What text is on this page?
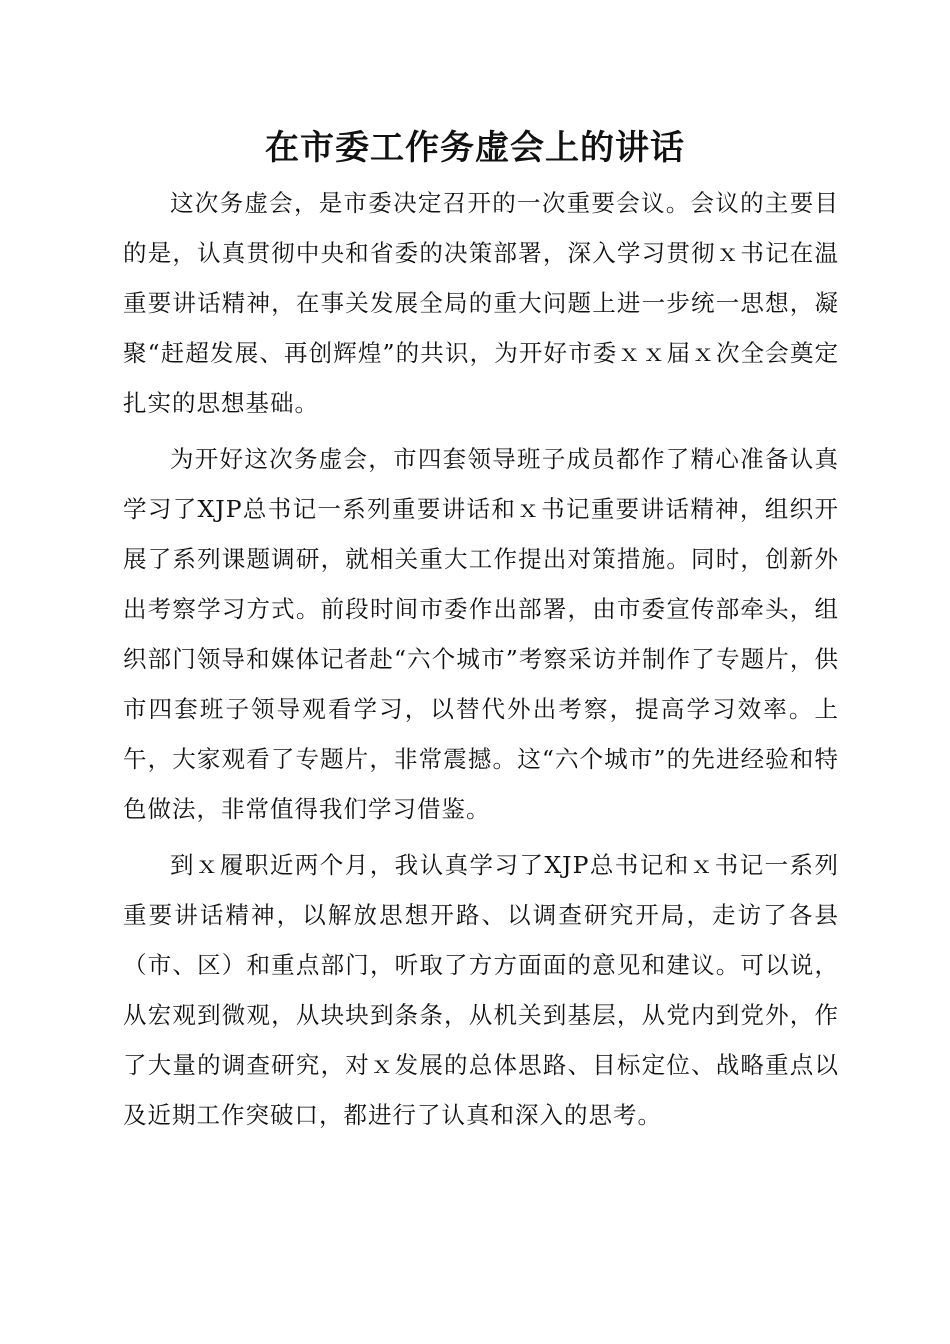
在市委工作务虚会上的讲话

这次务虚会，是市委决定召开的一次重要会议。会议的主要目的是，认真贯彻中央和省委的决策部署，深入学习贯彻ｘ书记在温重要讲话精神，在事关发展全局的重大问题上进一步统一思想，凝聚“赶超发展、再创辉煌”的共识，为开好市委ｘｘ届ｘ次全会奠定扎实的思想基础。

为开好这次务虚会，市四套领导班子成员都作了精心准备认真学习了XJP总书记一系列重要讲话和ｘ书记重要讲话精神，组织开展了系列课题调研，就相关重大工作提出对策措施。同时，创新外出考察学习方式。前段时间市委作出部署，由市委宣传部牵头，组织部门领导和媒体记者赴“六个城市”考察采访并制作了专题片，供市四套班子领导观看学习，以替代外出考察，提高学习效率。上午，大家观看了专题片，非常震撼。这“六个城市”的先进经验和特色做法，非常值得我们学习借鉴。

到ｘ履职近两个月，我认真学习了XJP总书记和ｘ书记一系列重要讲话精神，以解放思想开路、以调查研究开局，走访了各县（市、区）和重点部门，听取了方方面面的意见和建议。可以说，从宏观到微观，从块块到条条，从机关到基层，从党内到党外，作了大量的调查研究，对ｘ发展的总体思路、目标定位、战略重点以及近期工作突破口，都进行了认真和深入的思考。
